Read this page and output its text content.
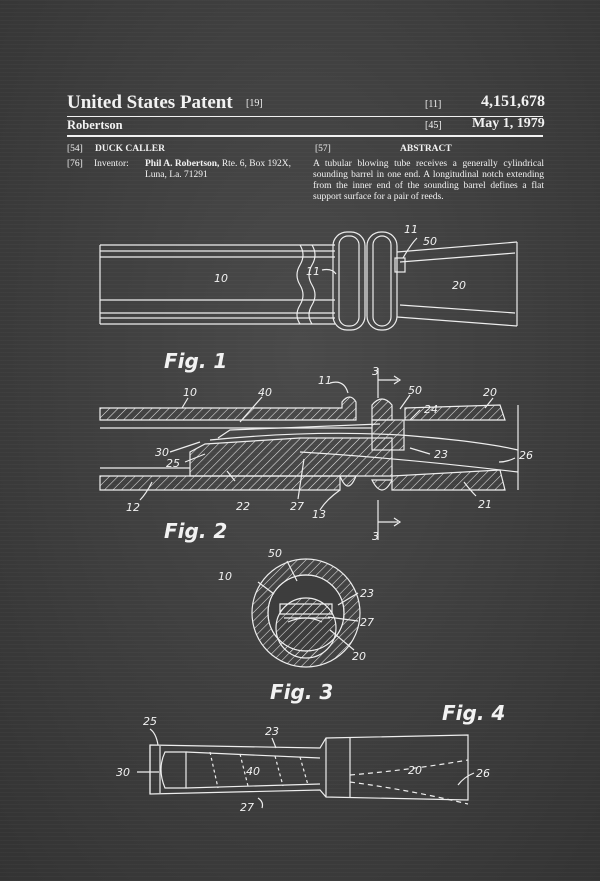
United States Patent [19]	[11] 4,151,678
Robertson	[45] May 1, 1979
[54] DUCK CALLER
[76] Inventor: Phil A. Robertson, Rte. 6, Box 192X, Luna, La. 71291
[57]	ABSTRACT
A tubular blowing tube receives a generally cylindrical sounding barrel in one end. A longitudinal notch extending from the inner end of the sounding barrel defines a flat support surface for a pair of reeds.
Fig. 1
Fig. 2
Fig. 3
Fig. 4
10
11
11
50
20
10	40
11
50
24
20
30
25
23	26
3
3
12	22	27
13
21
50
10
23
27
20
25
23
30	40	20	26
27
